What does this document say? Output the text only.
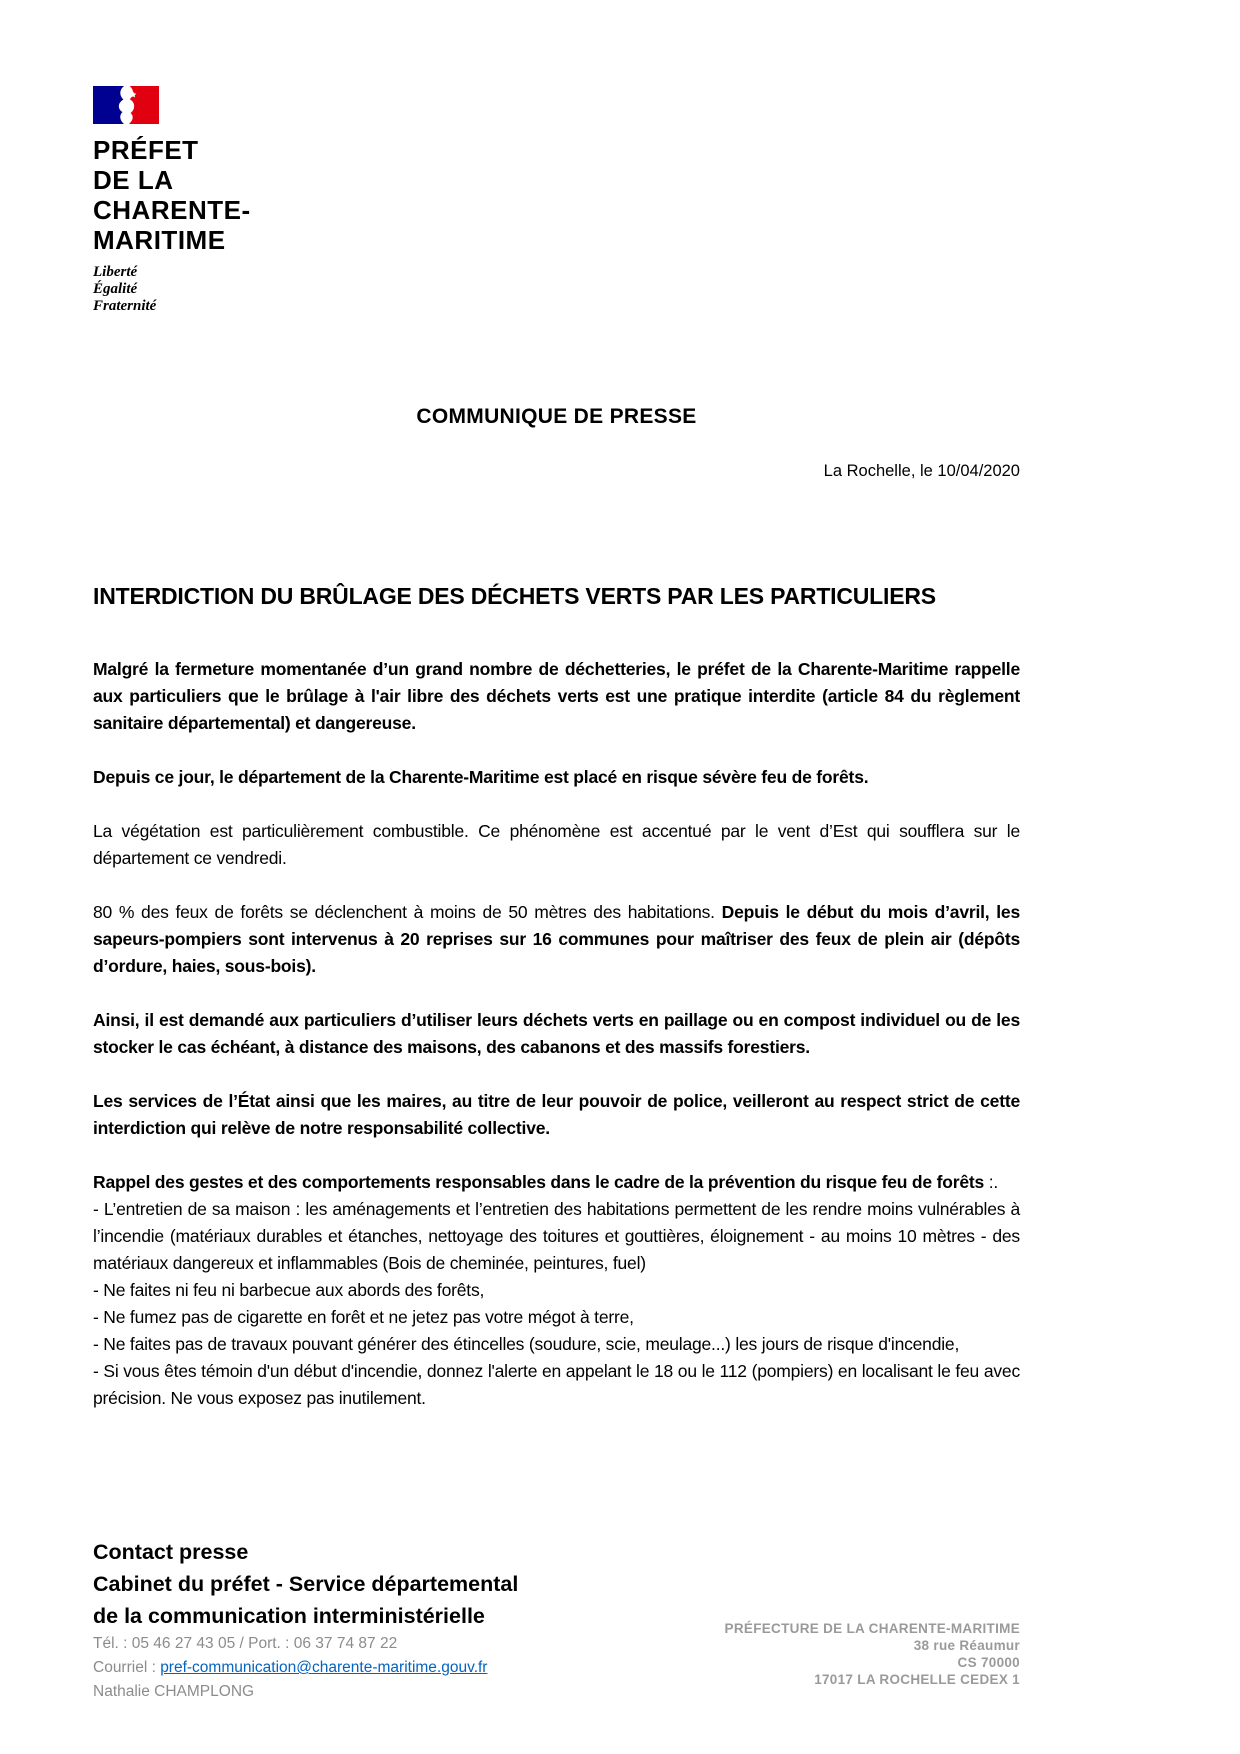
PRÉFET
DE LA
CHARENTE-
MARITIME
Liberté
Égalité
Fraternité
COMMUNIQUE DE PRESSE
La Rochelle, le 10/04/2020
INTERDICTION DU BRÛLAGE DES DÉCHETS VERTS PAR LES PARTICULIERS

Malgré la fermeture momentanée d’un grand nombre de déchetteries, le préfet de la Charente-Maritime rappelle aux particuliers que le brûlage à l'air libre des déchets verts est une pratique interdite (article 84 du règlement sanitaire départemental) et dangereuse.

Depuis ce jour, le département de la Charente-Maritime est placé en risque sévère feu de forêts.

La végétation est particulièrement combustible. Ce phénomène est accentué par le vent d’Est qui soufflera sur le département ce vendredi.

80 % des feux de forêts se déclenchent à moins de 50 mètres des habitations. Depuis le début du mois d’avril, les sapeurs-pompiers sont intervenus à 20 reprises sur 16 communes pour maîtriser des feux de plein air (dépôts d’ordure, haies, sous-bois).

Ainsi, il est demandé aux particuliers d’utiliser leurs déchets verts en paillage ou en compost individuel ou de les stocker le cas échéant, à distance des maisons, des cabanons et des massifs forestiers.

Les services de l’État ainsi que les maires, au titre de leur pouvoir de police, veilleront au respect strict de cette interdiction qui relève de notre responsabilité collective.

Rappel des gestes et des comportements responsables dans le cadre de la prévention du risque feu de forêts :.

- L’entretien de sa maison : les aménagements et l’entretien des habitations permettent de les rendre moins vulnérables à l’incendie (matériaux durables et étanches, nettoyage des toitures et gouttières, éloignement - au moins 10 mètres - des matériaux dangereux et inflammables (Bois de cheminée, peintures, fuel)
- Ne faites ni feu ni barbecue aux abords des forêts,
- Ne fumez pas de cigarette en forêt et ne jetez pas votre mégot à terre,
- Ne faites pas de travaux pouvant générer des étincelles (soudure, scie, meulage...) les jours de risque d'incendie,
- Si vous êtes témoin d'un début d'incendie, donnez l'alerte en appelant le 18 ou le 112 (pompiers) en localisant le feu avec précision. Ne vous exposez pas inutilement.
Contact presse
Cabinet du préfet - Service départemental
de la communication interministérielle
Tél. : 05 46 27 43 05 / Port. : 06 37 74 87 22
Courriel : pref-communication@charente-maritime.gouv.fr
Nathalie CHAMPLONG
PRÉFECTURE DE LA CHARENTE-MARITIME
38 rue Réaumur
CS 70000
17017 LA ROCHELLE CEDEX 1
